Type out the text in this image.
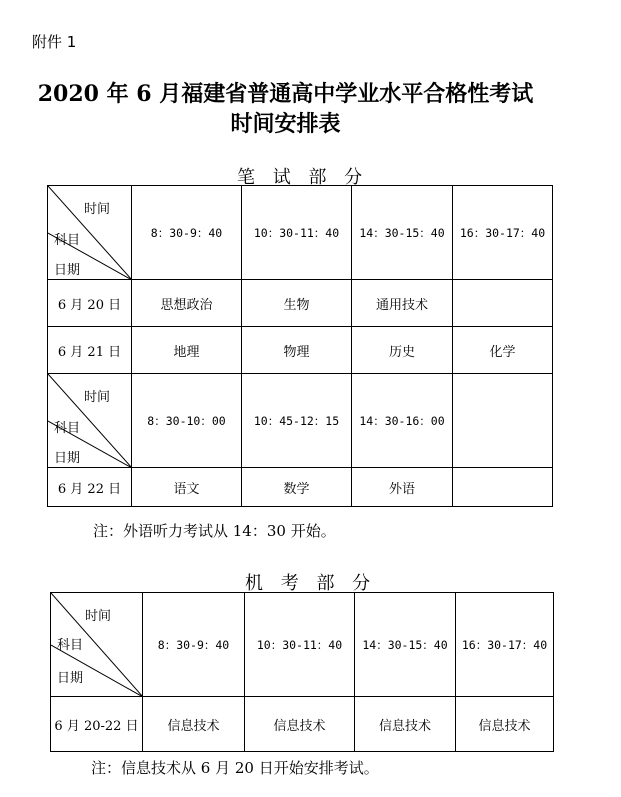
附件 1
2020 年 6 月福建省普通高中学业水平合格性考试
时间安排表
笔 试 部 分
时间
科目
日期	8：30-9：40	10：30-11：40	14：30-15：40	16：30-17：40
6 月 20 日	思想政治	生物	通用技术	
6 月 21 日	地理	物理	历史	化学

时间
科目
日期	8：30-10：00	10：45-12：15	14：30-16：00	
6 月 22 日	语文	数学	外语	
注：外语听力考试从 14：30 开始。
机 考 部 分
时间
科目
日期	8：30-9：40	10：30-11：40	14：30-15：40	16：30-17：40
6 月 20-22 日	信息技术	信息技术	信息技术	信息技术
注：信息技术从 6 月 20 日开始安排考试。
